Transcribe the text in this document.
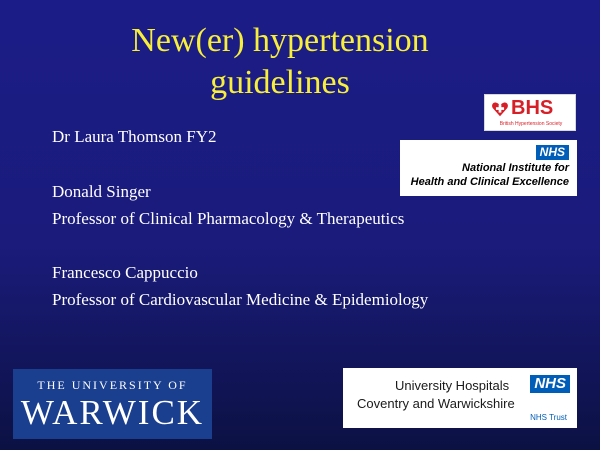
New(er) hypertension
guidelines
Dr Laura Thomson FY2
Donald Singer
Professor of Clinical Pharmacology & Therapeutics
Francesco Cappuccio
Professor of Cardiovascular Medicine & Epidemiology
BHS
British Hypertension Society
NHS
National Institute for
Health and Clinical Excellence
THE UNIVERSITY OF
WARWICK
NHS
University Hospitals
Coventry and Warwickshire
NHS Trust
